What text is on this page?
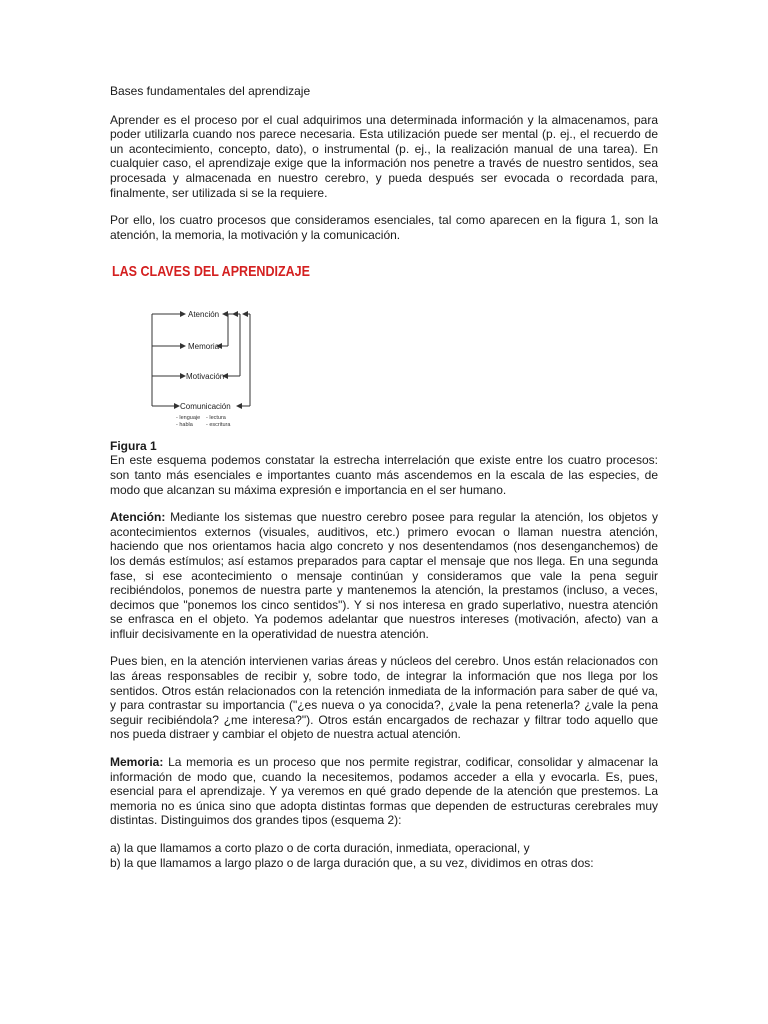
Bases fundamentales del aprendizaje

Aprender es el proceso por el cual adquirimos una determinada información y la almacenamos, para poder utilizarla cuando nos parece necesaria. Esta utilización puede ser mental (p. ej., el recuerdo de un acontecimiento, concepto, dato), o instrumental (p. ej., la realización manual de una tarea). En cualquier caso, el aprendizaje exige que la información nos penetre a través de nuestro sentidos, sea procesada y almacenada en nuestro cerebro, y pueda después ser evocada o recordada para, finalmente, ser utilizada si se la requiere.

Por ello, los cuatro procesos que consideramos esenciales, tal como aparecen en la figura 1, son la atención, la memoria, la motivación y la comunicación.

LAS CLAVES DEL APRENDIZAJE
Atención
Memoria
Motivación
Comunicación
- lenguaje
- habla
- lectura
- escritura

Figura 1

En este esquema podemos constatar la estrecha interrelación que existe entre los cuatro procesos: son tanto más esenciales e importantes cuanto más ascendemos en la escala de las especies, de modo que alcanzan su máxima expresión e importancia en el ser humano.

Atención: Mediante los sistemas que nuestro cerebro posee para regular la atención, los objetos y acontecimientos externos (visuales, auditivos, etc.) primero evocan o llaman nuestra atención, haciendo que nos orientamos hacia algo concreto y nos desentendamos (nos desenganchemos) de los demás estímulos; así estamos preparados para captar el mensaje que nos llega. En una segunda fase, si ese acontecimiento o mensaje continúan y consideramos que vale la pena seguir recibiéndolos, ponemos de nuestra parte y mantenemos la atención, la prestamos (incluso, a veces, decimos que "ponemos los cinco sentidos"). Y si nos interesa en grado superlativo, nuestra atención se enfrasca en el objeto. Ya podemos adelantar que nuestros intereses (motivación, afecto) van a influir decisivamente en la operatividad de nuestra atención.

Pues bien, en la atención intervienen varias áreas y núcleos del cerebro. Unos están relacionados con las áreas responsables de recibir y, sobre todo, de integrar la información que nos llega por los sentidos. Otros están relacionados con la retención inmediata de la información para saber de qué va, y para contrastar su importancia ("¿es nueva o ya conocida?, ¿vale la pena retenerla? ¿vale la pena seguir recibiéndola? ¿me interesa?"). Otros están encargados de rechazar y filtrar todo aquello que nos pueda distraer y cambiar el objeto de nuestra actual atención.

Memoria: La memoria es un proceso que nos permite registrar, codificar, consolidar y almacenar la información de modo que, cuando la necesitemos, podamos acceder a ella y evocarla. Es, pues, esencial para el aprendizaje. Y ya veremos en qué grado depende de la atención que prestemos. La memoria no es única sino que adopta distintas formas que dependen de estructuras cerebrales muy distintas. Distinguimos dos grandes tipos (esquema 2):

a) la que llamamos a corto plazo o de corta duración, inmediata, operacional, y

b) la que llamamos a largo plazo o de larga duración que, a su vez, dividimos en otras dos:
